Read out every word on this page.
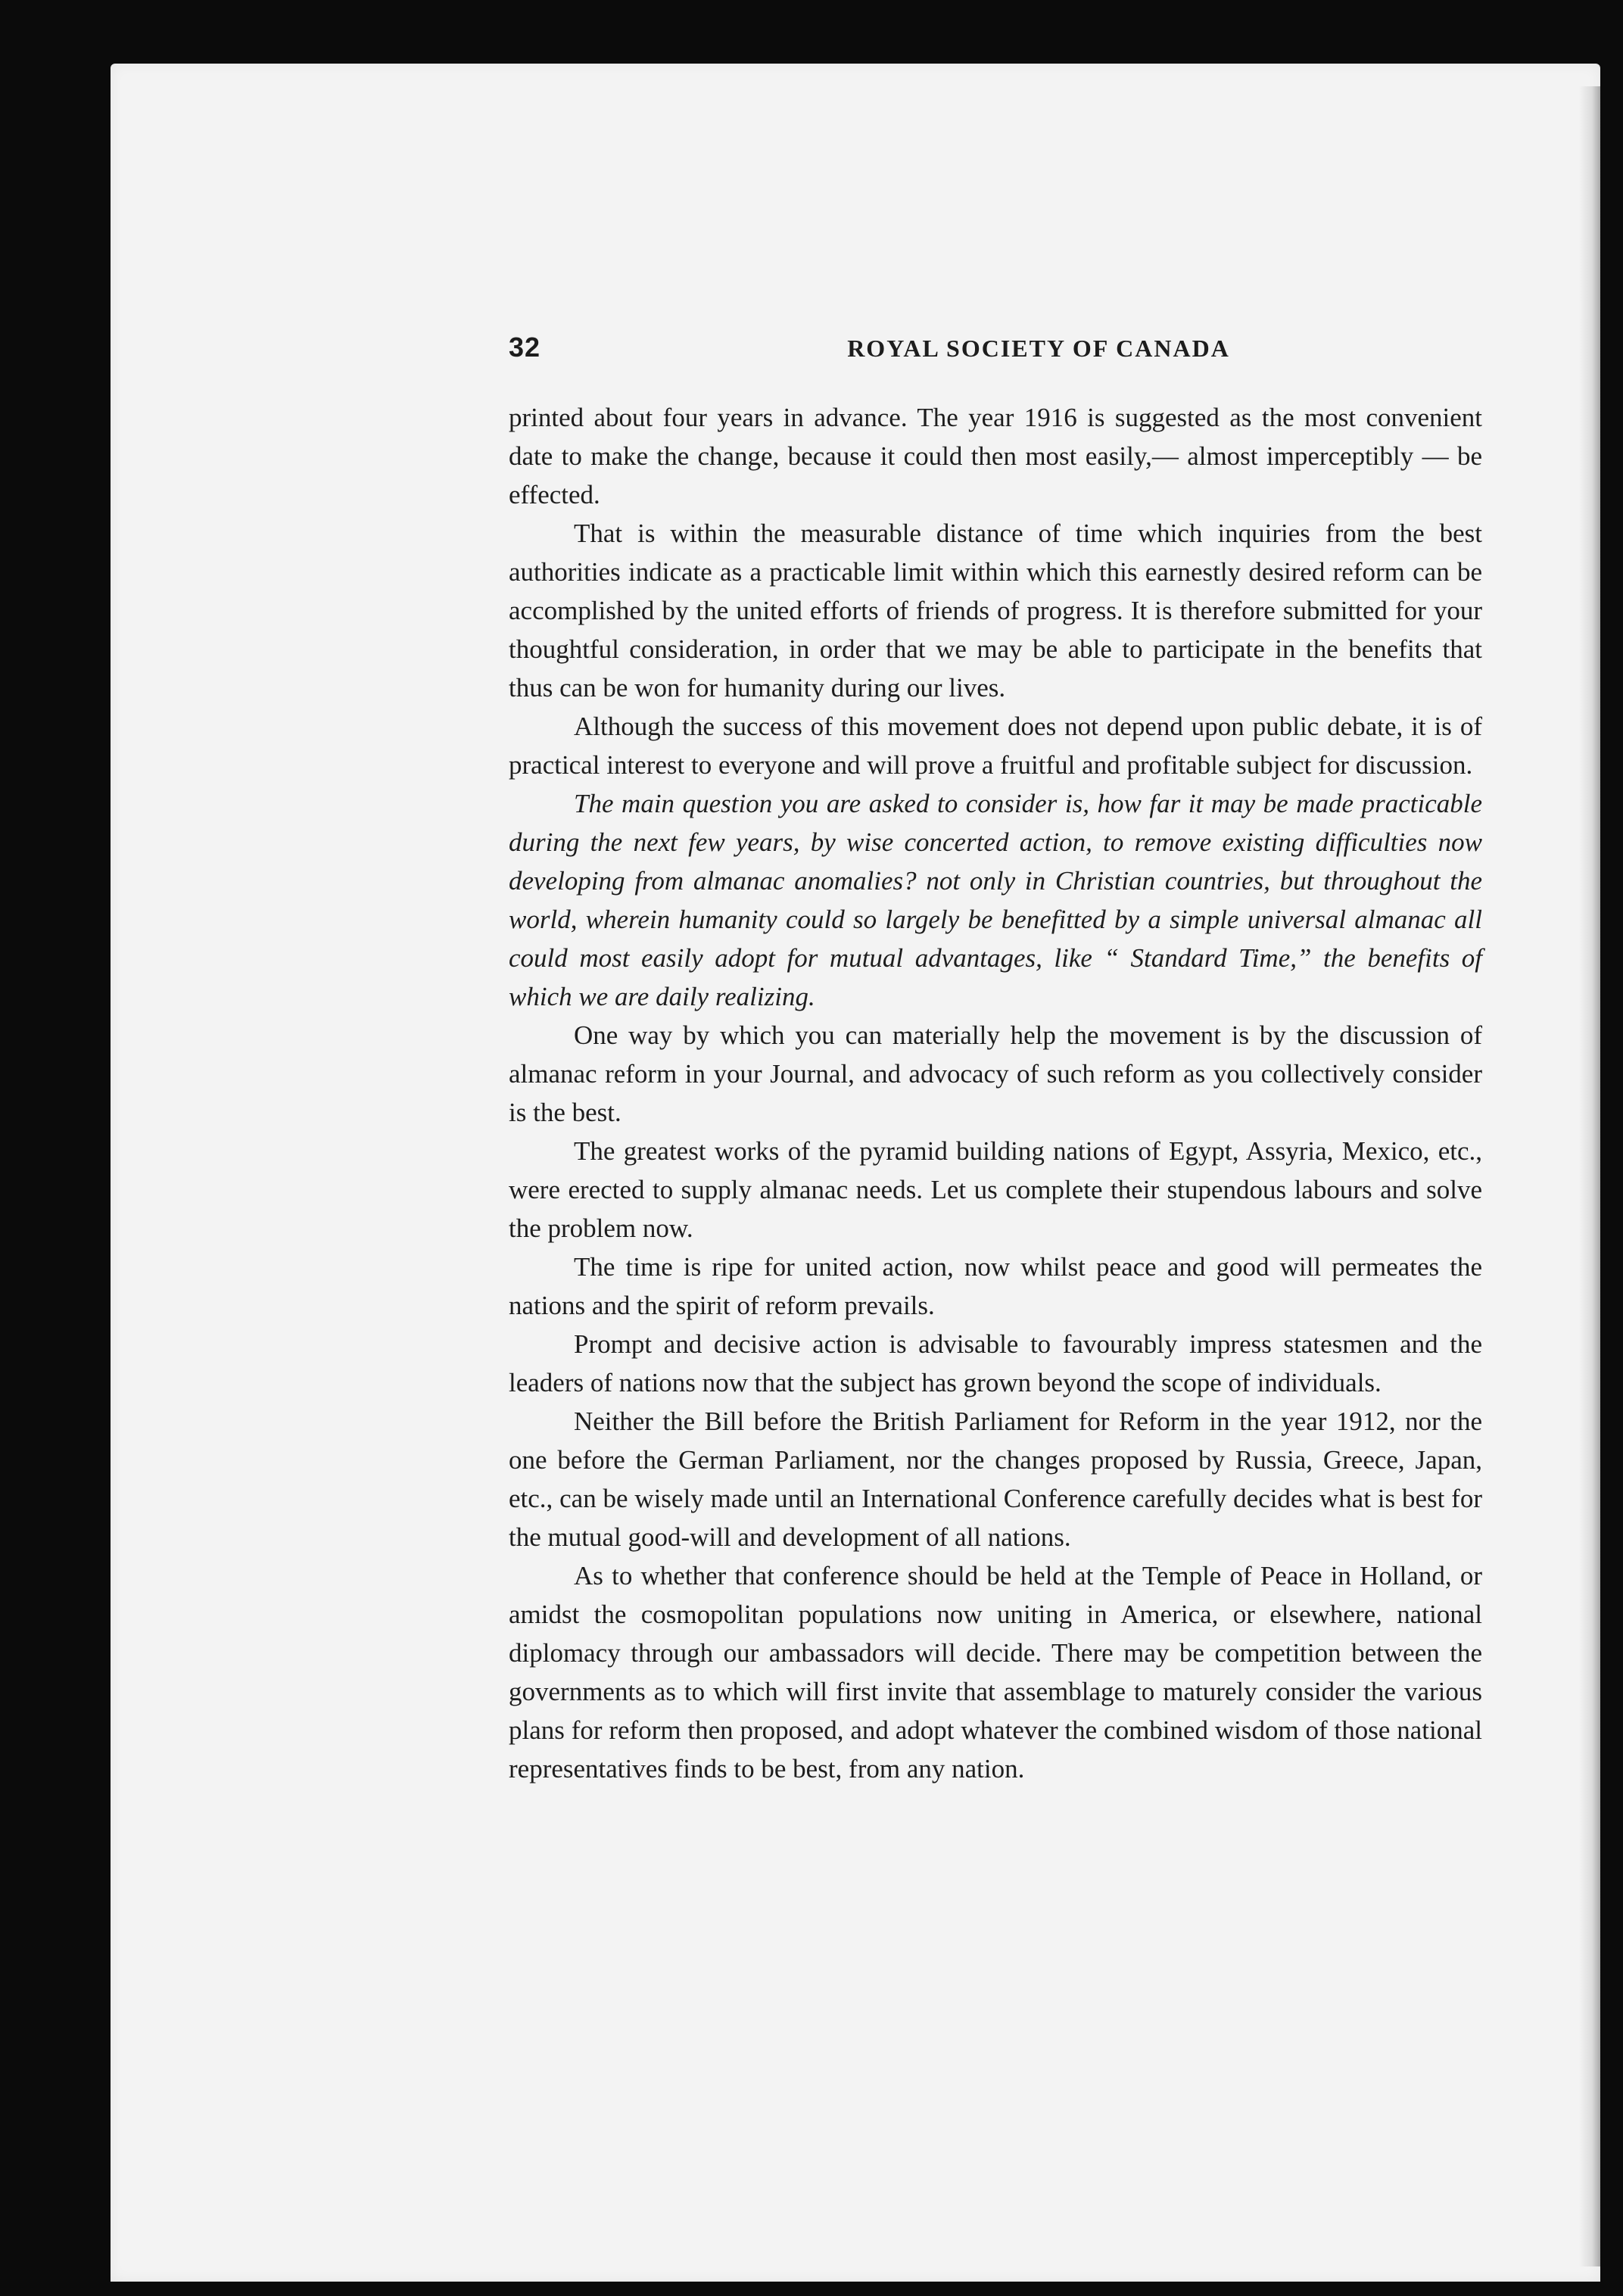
32	ROYAL SOCIETY OF CANADA

printed about four years in advance. The year 1916 is suggested as the most convenient date to make the change, because it could then most easily,— almost imperceptibly — be effected.

That is within the measurable distance of time which inquiries from the best authorities indicate as a practicable limit within which this earnestly desired reform can be accomplished by the united efforts of friends of progress. It is therefore submitted for your thoughtful consideration, in order that we may be able to participate in the benefits that thus can be won for humanity during our lives.

Although the success of this movement does not depend upon public debate, it is of practical interest to everyone and will prove a fruitful and profitable subject for discussion.

The main question you are asked to consider is, how far it may be made practicable during the next few years, by wise concerted action, to remove existing difficulties now developing from almanac anomalies? not only in Christian countries, but throughout the world, wherein humanity could so largely be benefitted by a simple universal almanac all could most easily adopt for mutual advantages, like “ Standard Time,” the benefits of which we are daily realizing.

One way by which you can materially help the movement is by the discussion of almanac reform in your Journal, and advocacy of such reform as you collectively consider is the best.

The greatest works of the pyramid building nations of Egypt, Assyria, Mexico, etc., were erected to supply almanac needs. Let us complete their stupendous labours and solve the problem now.

The time is ripe for united action, now whilst peace and good will permeates the nations and the spirit of reform prevails.

Prompt and decisive action is advisable to favourably impress statesmen and the leaders of nations now that the subject has grown beyond the scope of individuals.

Neither the Bill before the British Parliament for Reform in the year 1912, nor the one before the German Parliament, nor the changes proposed by Russia, Greece, Japan, etc., can be wisely made until an International Conference carefully decides what is best for the mutual good-will and development of all nations.

As to whether that conference should be held at the Temple of Peace in Holland, or amidst the cosmopolitan populations now uniting in America, or elsewhere, national diplomacy through our ambassadors will decide. There may be competition between the governments as to which will first invite that assemblage to maturely consider the various plans for reform then proposed, and adopt whatever the combined wisdom of those national representatives finds to be best, from any nation.
